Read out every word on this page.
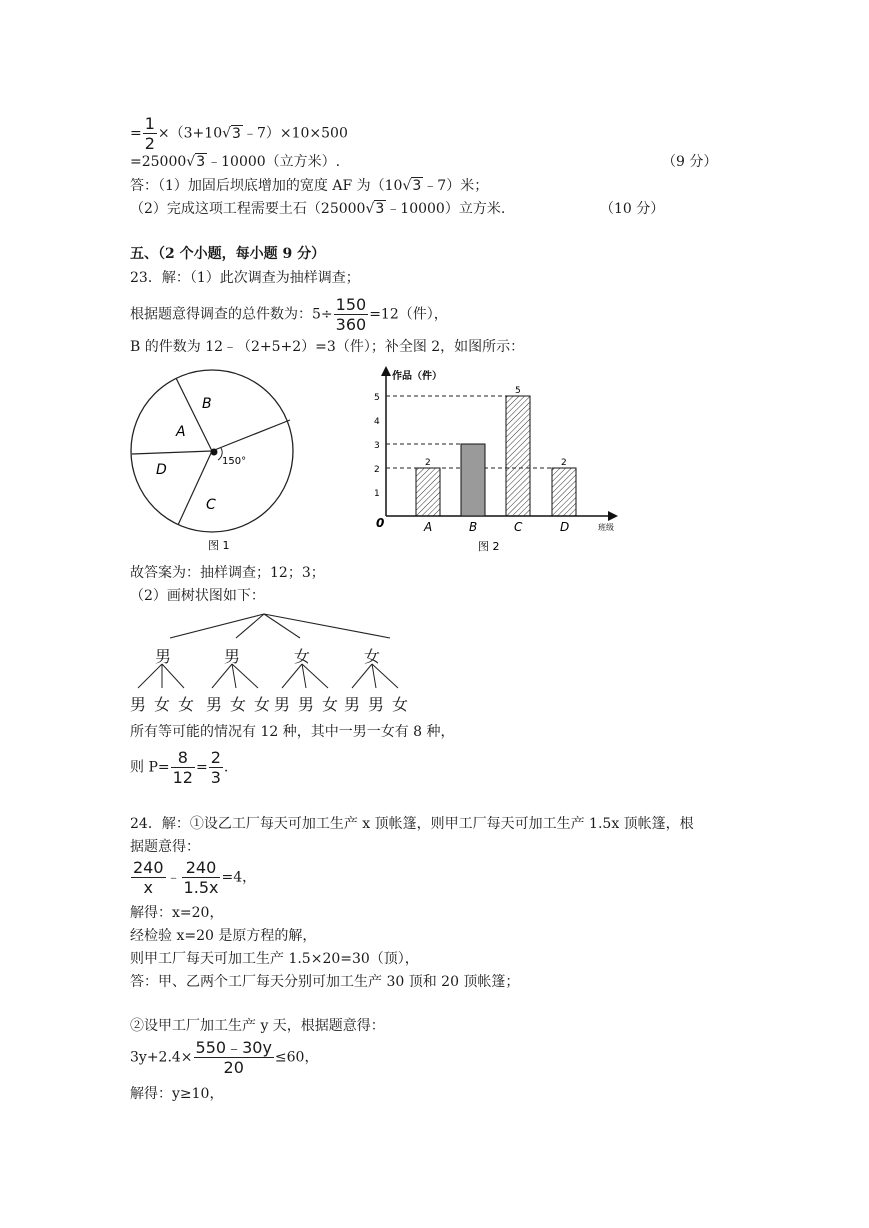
= $\frac{1}{2} \times(3+10√3$ ﹣7）×10×500
=25000√3 ﹣10000（立方米）.	（9 分）
答：（1）加固后坝底增加的宽度 AF 为（10√3 ﹣7）米；
（2）完成这项工程需要土石（25000√3 ﹣10000）立方米.	（10 分）
五、（2 个小题，每小题 9 分）
23．解：（1）此次调查为抽样调查；
根据题意得调查的总件数为：$5\div \frac{150}{360} =12$（件），
B 的件数为 12﹣（2+5+2）=3（件）；补全图 2，如图所示：
B
A
D
C
150°
图 1
作品（件）
班级
0
图 2
1
2
3
4
5
A
2
B	C
5
D
2
故答案为：抽样调查；12；3；
（2）画树状图如下：
男	男	女	女
男 女 女 男 女 女 男 男 女 男 男 女
所有等可能的情况有 12 种，其中一男一女有 8 种，
则 $P= \frac{8}{12} = \frac{2}{3}$ .
24．解：①设乙工厂每天可加工生产 x 顶帐篷，则甲工厂每天可加工生产 1.5x 顶帐篷，根
据题意得：
$\frac{240}{x}$ ﹣ $\frac{240}{1.5x} =4$，
解得：x=20，
经检验 x=20 是原方程的解，
则甲工厂每天可加工生产 1.5×20=30（顶），
答：甲、乙两个工厂每天分别可加工生产 30 顶和 20 顶帐篷；
②设甲工厂加工生产 y 天，根据题意得：
$3y+2.4\times \frac{550﹣30y}{20} \le 60$，
解得：y≥10，
